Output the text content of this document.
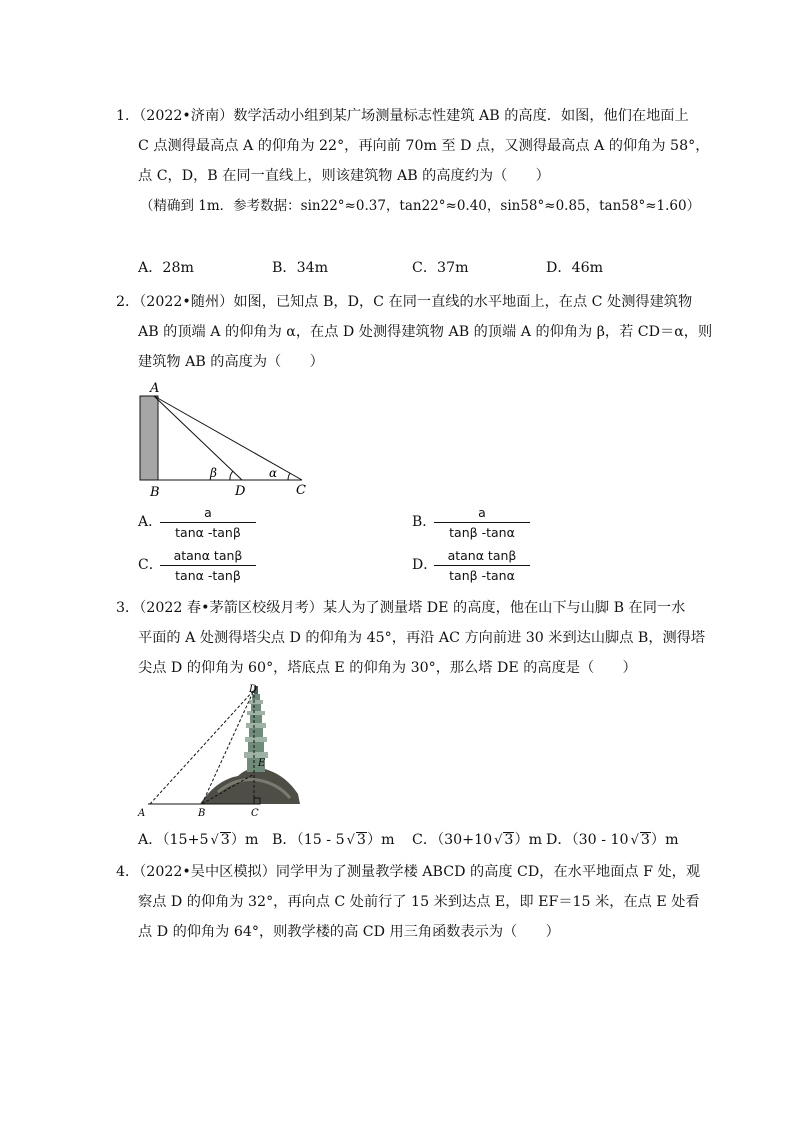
1．（2022•济南）数学活动小组到某广场测量标志性建筑 AB 的高度．如图，他们在地面上
C 点测得最高点 A 的仰角为 22°，再向前 70m 至 D 点，又测得最高点 A 的仰角为 58°，
点 C，D，B 在同一直线上，则该建筑物 AB 的高度约为（　　）
（精确到 1m．参考数据：sin22°≈0.37，tan22°≈0.40，sin58°≈0.85，tan58°≈1.60）
A．28m	B．34m	C．37m	D．46m
2．（2022•随州）如图，已知点 B，D，C 在同一直线的水平地面上，在点 C 处测得建筑物
AB 的顶端 A 的仰角为 α，在点 D 处测得建筑物 AB 的顶端 A 的仰角为 β，若 CD＝α，则
建筑物 AB 的高度为（　　）
A
B	D	C
β	α
A．
a
tanα -tanβ
B．
a
tanβ -tanα
C．
atanα tanβ
tanα -tanβ
D．
atanα tanβ
tanβ -tanα
3．（2022 春•茅箭区校级月考）某人为了测量塔 DE 的高度，他在山下与山脚 B 在同一水
平面的 A 处测得塔尖点 D 的仰角为 45°，再沿 AC 方向前进 30 米到达山脚点 B，测得塔
尖点 D 的仰角为 60°，塔底点 E 的仰角为 30°，那么塔 DE 的高度是（　　）
D
E
A	B	C
A．（15+5 √ 3）m B．（15 - 5 √ 3）m C．（30+10 √ 3）m D．（30 - 10 √ 3）m
4．（2022•吴中区模拟）同学甲为了测量教学楼 ABCD 的高度 CD，在水平地面点 F 处，观
察点 D 的仰角为 32°，再向点 C 处前行了 15 米到达点 E，即 EF＝15 米，在点 E 处看
点 D 的仰角为 64°，则教学楼的高 CD 用三角函数表示为（　　）
